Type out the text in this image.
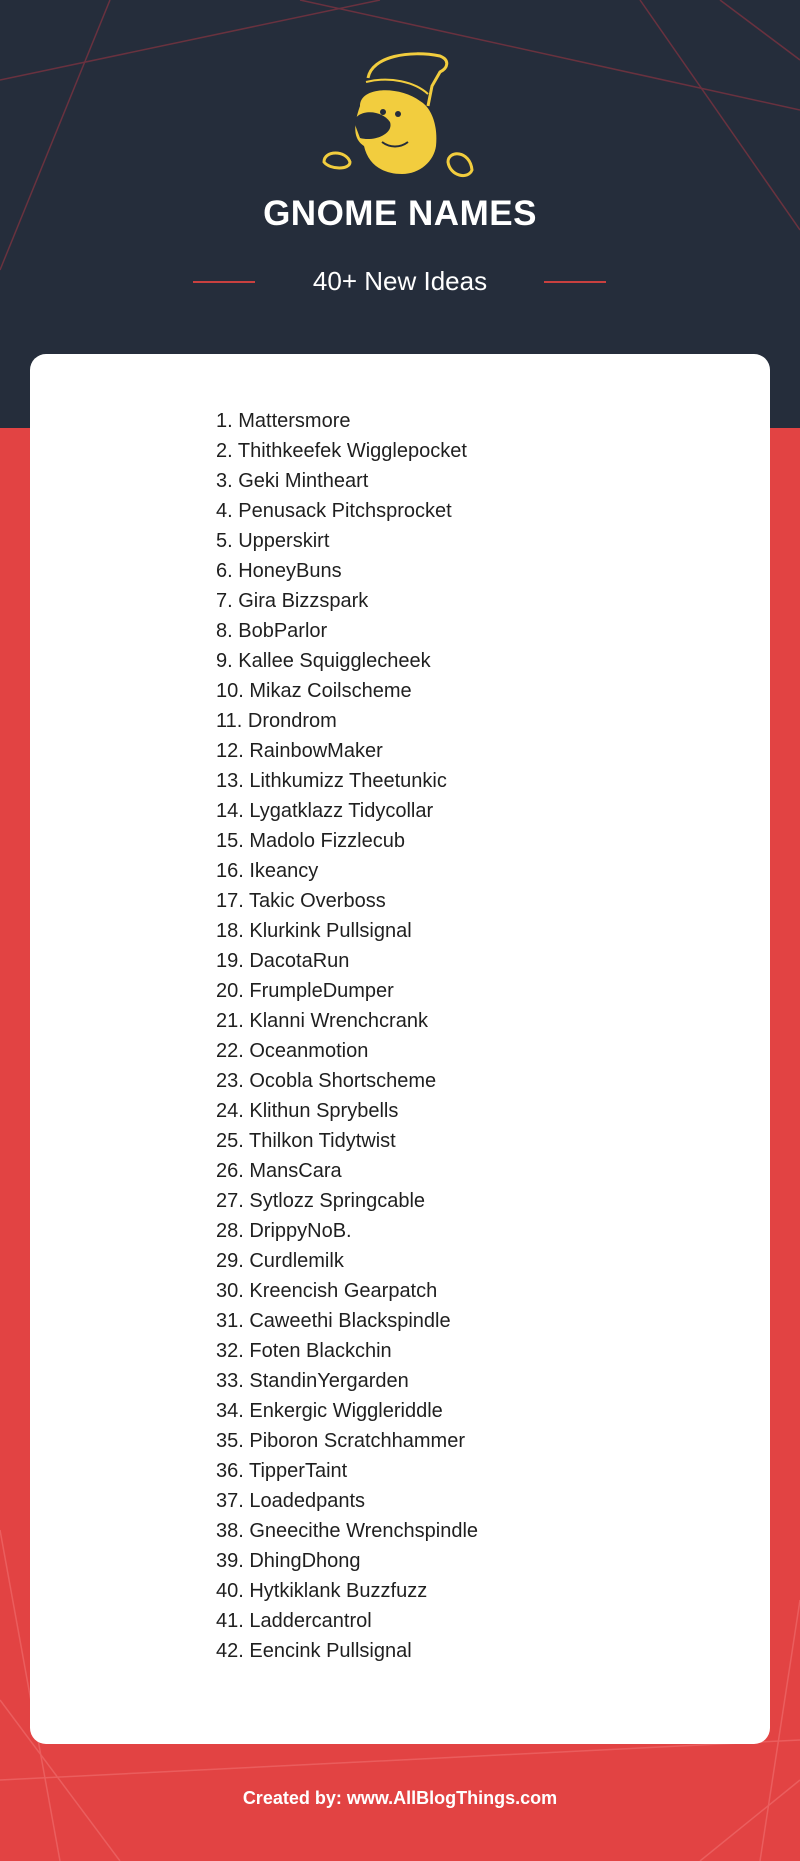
GNOME NAMES
40+ New Ideas
1. Mattersmore
2. Thithkeefek Wigglepocket
3. Geki Mintheart
4. Penusack Pitchsprocket
5. Upperskirt
6. HoneyBuns
7. Gira Bizzspark
8. BobParlor
9. Kallee Squigglecheek
10. Mikaz Coilscheme
11. Drondrom
12. RainbowMaker
13. Lithkumizz Theetunkic
14. Lygatklazz Tidycollar
15. Madolo Fizzlecub
16. Ikeancy
17. Takic Overboss
18. Klurkink Pullsignal
19. DacotaRun
20. FrumpleDumper
21. Klanni Wrenchcrank
22. Oceanmotion
23. Ocobla Shortscheme
24. Klithun Sprybells
25. Thilkon Tidytwist
26. MansCara
27. Sytlozz Springcable
28. DrippyNoB.
29. Curdlemilk
30. Kreencish Gearpatch
31. Caweethi Blackspindle
32. Foten Blackchin
33. StandinYergarden
34. Enkergic Wiggleriddle
35. Piboron Scratchhammer
36. TipperTaint
37. Loadedpants
38. Gneecithe Wrenchspindle
39. DhingDhong
40. Hytkiklank Buzzfuzz
41. Laddercantrol
42. Eencink Pullsignal
Created by: www.AllBlogThings.com
